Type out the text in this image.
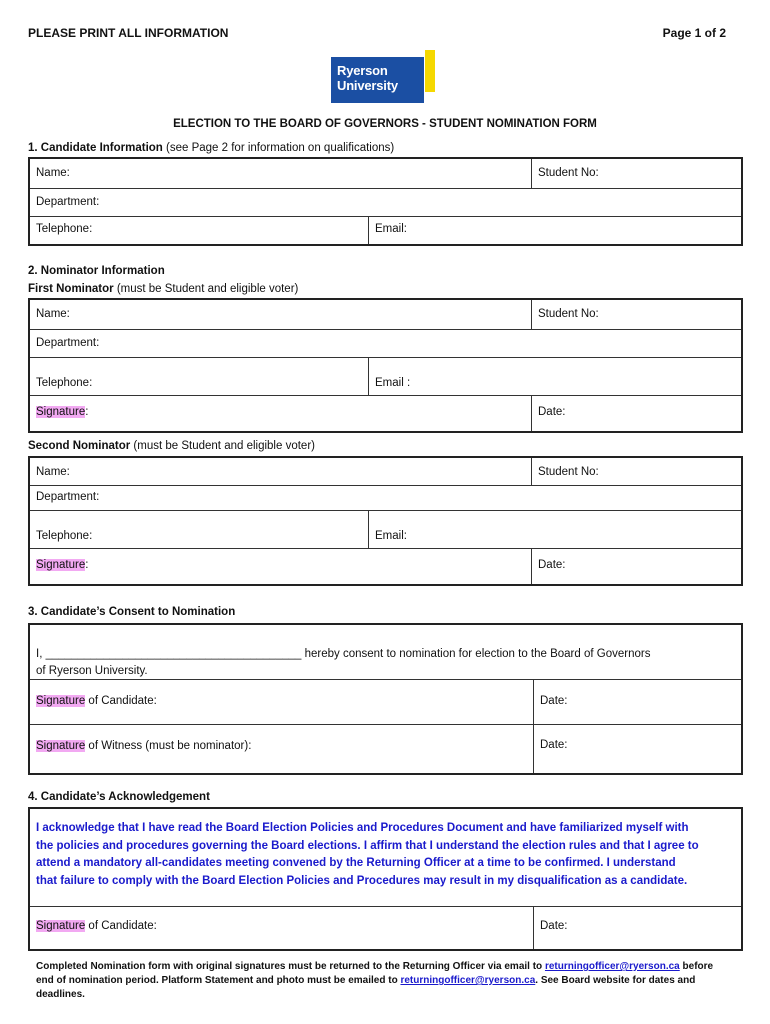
PLEASE PRINT ALL INFORMATION	Page 1 of 2
Ryerson
University
ELECTION TO THE BOARD OF GOVERNORS - STUDENT NOMINATION FORM
1. Candidate Information (see Page 2 for information on qualifications)
Name:	Student No:
Department:
Telephone:	Email:
2. Nominator Information
First Nominator (must be Student and eligible voter)
Name:	Student No:
Department:
Telephone:	Email :
Signature:	Date:
Second Nominator (must be Student and eligible voter)
Name:	Student No:
Department:
Telephone:	Email:
Signature:	Date:
3. Candidate’s Consent to Nomination
I, ________________________________________ hereby consent to nomination for election to the Board of Governors
of Ryerson University.
Signature of Candidate:	Date:
Signature of Witness (must be nominator):	Date:
4. Candidate’s Acknowledgement
I acknowledge that I have read the Board Election Policies and Procedures Document and have familiarized myself with
the policies and procedures governing the Board elections. I affirm that I understand the election rules and that I agree to
attend a mandatory all-candidates meeting convened by the Returning Officer at a time to be confirmed. I understand
that failure to comply with the Board Election Policies and Procedures may result in my disqualification as a candidate.
Signature of Candidate:	Date:
Completed Nomination form with original signatures must be returned to the Returning Officer via email to returningofficer@ryerson.ca before
end of nomination period. Platform Statement and photo must be emailed to returningofficer@ryerson.ca. See Board website for dates and
deadlines.
